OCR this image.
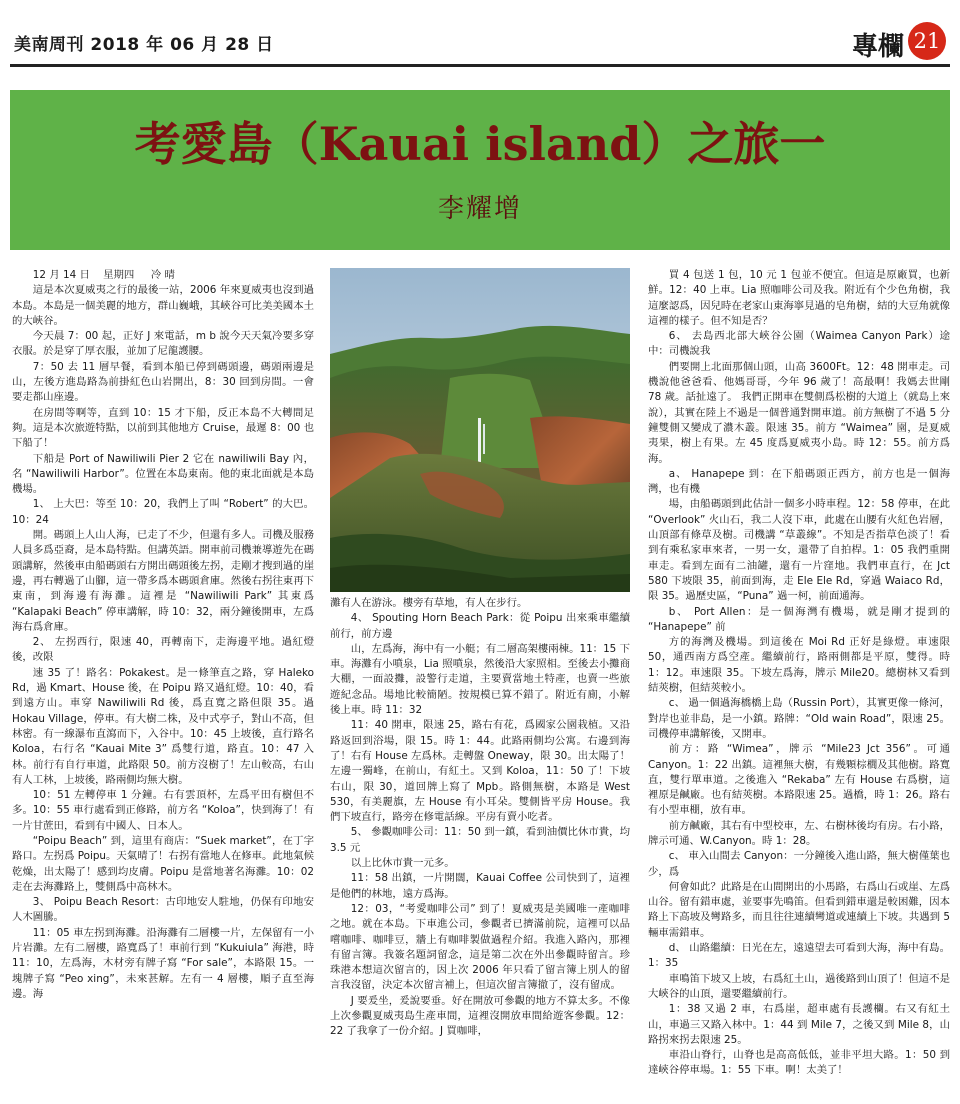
美南周刊 2018 年 06 月 28 日	專欄 21
考愛島（Kauai island）之旅一
李耀增

12 月 14 日    星期四     冷 晴

這是本次夏威夷之行的最後一站，2006 年來夏威夷也沒到過本島。本島是一個美麗的地方，群山巍峨，其峽谷可比美美國本土的大峽谷。

今天晨 7：00 起，正好 J 來電話，m b 說今天天氣冷要多穿衣服。於是穿了厚衣服，並加了尼龍護腰。

7：50 去 11 層早餐，看到本船已停到碼頭邊，碼頭兩邊是山，左後方進島路為前掛紅色山岩開出，8：30 回到房間。一會要走都山座邊。

在房間等啊等，直到 10：15 才下船，反正本島不大轉間足夠。這是本次旅遊特點，以前到其他地方 Cruise，最遲 8：00 也下船了！

下船是 Port of Nawiliwili Pier 2 它在 nawiliwili Bay 內，名 “Nawiliwili Harbor”。位置在本島東南。他的東北面就是本島機場。

1、 上大巴：等至 10：20，我們上了叫 “Robert” 的大巴。10：24

開。碼頭上人山人海，已走了不少，但還有多人。司機及服務人員多爲亞裔，是本島特點。但講英語。開車前司機兼導遊先在碼頭講解，然後車由船碼頭右方開出碼頭後左拐，走剛才搜到過的崖邊，再右轉過了山腳，這一帶多爲本碼頭倉庫。然後右拐往東再下東南，到海邊有海灘。這裡是 “Nawiliwili Park” 其東爲 “Kalapaki Beach” 停車講解，時 10：32，兩分鐘後開車，左爲海右爲倉庫。

2、 左拐西行，限速 40，再轉南下，走海邊平地。過紅燈後，改限

速 35 了！路名：Pokakest。是一條筆直之路，穿 Haleko Rd，過 Kmart、House 後，在 Poipu 路又過紅燈。10：40，看到遠方山。車穿 Nawiliwili Rd 後，爲直寬之路但限 35。過 Hokau Village，停車。有大樹二株，及中式亭子，對山不高，但林密。有一線瀑布直瀉而下，入谷中。10：45 上坡後，直行路名 Koloa，右行名 “Kauai Mite 3” 爲雙行道，路直。10：47 入林。前行有自行車道，此路限 50。前方沒樹了！左山較高，右山有人工林，上坡後，路兩側均無大樹。

10：51 左轉停車 1 分鐘。右有雲頂杯，左爲平田有樹但不多。10：55 車行處看到正修路，前方名 “Koloa”，快到海了！有一片甘蔗田，看到有中國人、日本人。

“Poipu Beach” 到，這里有商店：“Suek market”，在丁字路口。左拐爲 Poipu。天氣晴了！右拐有當地人在修車。此地氣候乾燥，出太陽了！感到均皮膚。Poipu 是當地著名海灘。10：02 走在去海灘路上，雙側爲中高林木。

3、 Poipu Beach Resort：古印地安人駐地，仍保有印地安人木圖騰。

11：05 車左拐到海灘。沿海灘有二層樓一片，左保留有一小片岩灘。左有二層樓，路寬爲了！車前行到 “Kukuiula” 海港，時 11：10，左爲海，木材旁有牌子寫 “For sale”，本路限 15。一塊牌子寫 “Peo xing”，未來甚解。左有一 4 層樓，順子直至海邊。海

灘有人在游泳。樓旁有草地，有人在步行。

4、 Spouting Horn Beach Park：從 Poipu 出來乘車繼續前行，前方邊

山，左爲海，海中有一小艇；有二層高架樓兩棟。11：15 下車。海灘有小噴泉，Lia 照噴泉，然後沿大家照相。至後去小攤商大棚，一面設攤，設警行走道，主要賣當地土特產，也賣一些旅遊紀念品。場地比較簡陋。按規模已算不錯了。附近有廁，小解後上車。時 11：32

11：40 開車，限速 25，路右有花，爲國家公園栽植。又沿路返回到浴場，限 15。時 1：44。此路兩側均公寓。右邊到海了！右有 House 左爲林。走轉盤 Oneway，限 30。出太陽了！左邊一獨峰，在前山，有紅土。又到 Koloa，11：50 了！下坡右山，限 30，道回牌上寫了 Mpb。路側無樹，本路是 West 530，有美麗旗，左 House 有小耳朵。雙側皆平房 House。我們下坡直行，路旁在修電話線。平房有賣小吃者。

5、 參觀咖啡公司：11：50 到一鎮，看到油價比休市貴，均 3.5 元

以上比休市貴一元多。

11：58 出鎮，一片開闊，Kauai Coffee 公司快到了，這裡是他們的林地，遠方爲海。

12：03，“考愛咖啡公司” 到了！夏威夷是美國唯一產咖啡之地。就在本島。下車進公司，參觀者已擠滿前院，這裡可以品嚐咖啡、咖啡豆，牆上有咖啡製做過程介紹。我進入路內，那裡有留言簿。我簽名題詞留念，這是第二次在外出參觀時留言。珍珠港本想這次留言的，因上次 2006 年只看了留言簿上別人的留言我沒留，決定本次留言補上，但這次留言簿撤了，沒有留成。

J 要爰坐，爰說要垂。好在開放可參觀的地方不算太多。不像上次參觀夏威夷島生產車間，這裡沒開放車間給遊客參觀。12：22 了我拿了一份介紹。J 買咖啡，

買 4 包送 1 包，10 元 1 包並不便宜。但這是原廠買，也新鮮。12：40 上車。Lia 照咖啡公司及我。附近有个少色角樹，我這麼認爲，因兒時在老家山東海寧見過的皂角樹，結的大豆角就像這裡的樣子。但不知是否？

6、 去島西北部大峽谷公園（Waimea Canyon Park）途中：司機說我

們要開上北面那個山頭，山高 3600Ft。12：48 開車走。司機說他爸爸看、他媽哥哥，今年 96 歲了！高最啊！我媽去世剛 78 歲。話扯遠了。 我們正開車在雙側爲松樹的大道上（就島上來說），其實在陸上不過是一個普通對開車道。前方無樹了不過 5 分鐘雙側又變成了濃木叢。限速 35。前方 “Waimea” 園，是夏威夷果，樹上有果。左 45 度爲夏威夷小島。時 12：55。前方爲海。

a、 Hanapepe 到：在下船碼頭正西方，前方也是一個海灣，也有機

場，由船碼頭到此估計一個多小時車程。12：58 停車，在此 “Overlook” 火山石，我二人沒下車，此處在山腰有火紅色岩層，山頂部有條草及樹。司機講 “草叢線”。不知是否指草色淡了！看到有乘私家車來者，一男一女，還帶了自拍桿。1：05 我們重開車走。看到左面有二油罐，還有一片窪地。我們車直行，在 Jct 580 下坡限 35，前面到海，走 Ele Ele Rd，穿過 Waiaco Rd，限 35。過歷史區，“Puna” 過一柯，前面通海。

b、 Port Allen：是一個海灣有機場，就是剛才提到的 “Hanapepe” 前

方的海灣及機場。到這後在 Moi Rd 正好是綠燈。車速限 50，通西南方爲空產。繼續前行，路兩側都是平原，雙得。時 1：12。車速限 35。下坡左爲海，牌示 Mile20。總樹林又看到結莢樹，但結莢較小。

c、 過一個過海橋橋上島（Russin Port），其實更像一條河，對岸也並非島，是一小鎮。路牌：“Old wain Road”，限速 25。司機停車講解後，又開車。

前方：路 “Wimea”，牌示 “Mile23 Jct 356”。可通 Canyon。1：22 出鎮。這裡無大樹，有幾顆棕櫚及其他樹。路寬直，雙行單車道。之後進入 “Rekaba” 左有 House 右爲樹，這裡原是鹹廠。也有結莢樹。本路限速 25。過橋，時 1：26。路右有小型車棚，放有車。

前方鹹廠，其右有中型校車，左、右樹林後均有房。右小路，牌示可通、W.Canyon。時 1：28。

c、 車入山間去 Canyon：一分鐘後入進山路，無大樹僅葉也少，爲

何會如此？此路是在山間開出的小馬路，右爲山石或崖、左爲山谷。留有錯車處，並要事先鳴笛。但看到錯車還是較困難，因本路上下高坡及彎路多，而且往往連續彎道或連續上下坡。共遇到 5 輛車需錯車。

d、 山路繼續：日光在左，遠遠望去可看到大海，海中有島。1：35

車鳴笛下坡又上坡，右爲紅土山，過後路到山頂了！但這不是大峽谷的山頂，還要繼續前行。

1：38 又過 2 車，右爲崖，超車處有長護欄。右又有紅土山，車過三又路入林中。1：44 到 Mile 7，之後又到 Mile 8，山路拐來拐去限速 25。

車沿山脊行，山脊也是高高低低，並非平坦大路。1：50 到達峽谷停車場。1：55 下車。啊！太美了！
